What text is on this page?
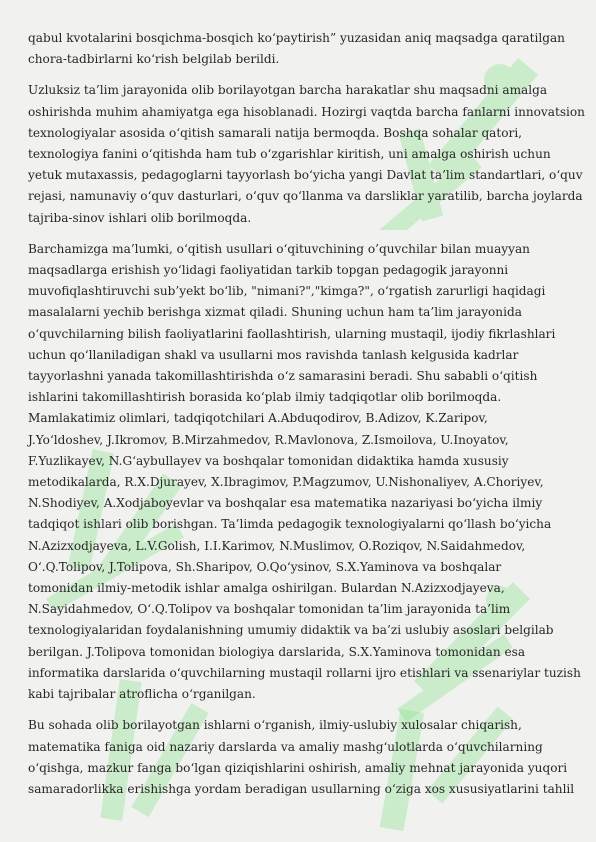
qabul kvotalarini bosqichma-bosqich ko‘paytirish” yuzasidan aniq maqsadga qaratilgan
chora-tadbirlarni ko‘rish belgilab berildi.
Uzluksiz ta’lim jarayonida olib borilayotgan barcha harakatlar shu maqsadni amalga
oshirishda muhim ahamiyatga ega hisoblanadi. Hozirgi vaqtda barcha fanlarni innovatsion
texnologiyalar asosida o‘qitish samarali natija bermoqda. Boshqa sohalar qatori,
texnologiya fanini o‘qitishda ham tub o‘zgarishlar kiritish, uni amalga oshirish uchun
yetuk mutaxassis, pedagoglarni tayyorlash bo‘yicha yangi Davlat ta’lim standartlari, o‘quv
rejasi, namunaviy o‘quv dasturlari, o‘quv qo‘llanma va darsliklar yaratilib, barcha joylarda
tajriba-sinov ishlari olib borilmoqda.
Barchamizga ma’lumki, o‘qitish usullari o‘qituvchining o’quvchilar bilan muayyan
maqsadlarga erishish yo‘lidagi faoliyatidan tarkib topgan pedagogik jarayonni
muvofiqlashtiruvchi sub’yekt bo‘lib, "nimani?","kimga?", o‘rgatish zarurligi haqidagi
masalalarni yechib berishga xizmat qiladi. Shuning uchun ham ta’lim jarayonida
o‘quvchilarning bilish faoliyatlarini faollashtirish, ularning mustaqil, ijodiy fikrlashlari
uchun qo‘llaniladigan shakl va usullarni mos ravishda tanlash kelgusida kadrlar
tayyorlashni yanada takomillashtirishda o‘z samarasini beradi. Shu sababli o‘qitish
ishlarini takomillashtirish borasida ko‘plab ilmiy tadqiqotlar olib borilmoqda.
Mamlakatimiz olimlari, tadqiqotchilari A.Abduqodirov, B.Adizov, K.Zaripov,
J.Yo‘ldoshev, J.Ikromov, B.Mirzahmedov, R.Mavlonova, Z.Ismoilova, U.Inoyatov,
F.Yuzlikayev, N.G‘aybullayev va boshqalar tomonidan didaktika hamda xususiy
metodikalarda, R.X.Djurayev, X.Ibragimov, P.Magzumov, U.Nishonaliyev, A.Choriyev,
N.Shodiyev, A.Xodjaboyevlar va boshqalar esa matematika nazariyasi bo‘yicha ilmiy
tadqiqot ishlari olib borishgan. Ta’limda pedagogik texnologiyalarni qo‘llash bo‘yicha
N.Azizxodjayeva, L.V.Golish, I.I.Karimov, N.Muslimov, O.Roziqov, N.Saidahmedov,
O‘.Q.Tolipov, J.Tolipova, Sh.Sharipov, O.Qo‘ysinov, S.X.Yaminova va boshqalar
tomonidan ilmiy-metodik ishlar amalga oshirilgan. Bulardan N.Azizxodjayeva,
N.Sayidahmedov, O‘.Q.Tolipov va boshqalar tomonidan ta’lim jarayonida ta’lim
texnologiyalaridan foydalanishning umumiy didaktik va ba’zi uslubiy asoslari belgilab
berilgan. J.Tolipova tomonidan biologiya darslarida, S.X.Yaminova tomonidan esa
informatika darslarida o‘quvchilarning mustaqil rollarni ijro etishlari va ssenariylar tuzish
kabi tajribalar atroflicha o‘rganilgan.
Bu sohada olib borilayotgan ishlarni o‘rganish, ilmiy-uslubiy xulosalar chiqarish,
matematika faniga oid nazariy darslarda va amaliy mashg‘ulotlarda o‘quvchilarning
o‘qishga, mazkur fanga bo‘lgan qiziqishlarini oshirish, amaliy mehnat jarayonida yuqori
samaradorlikka erishishga yordam beradigan usullarning o‘ziga xos xususiyatlarini tahlil
